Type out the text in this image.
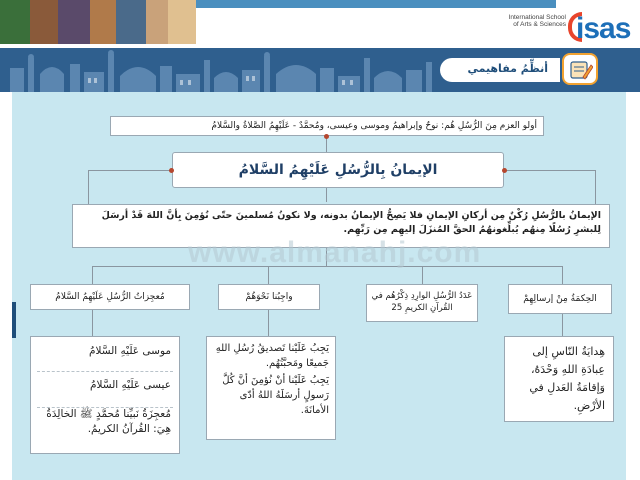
International School of Arts & Sciences isas
أنظِّمُ مفاهيمي
أولو العزم مِنَ الرُّسُلِ هُم: نوحٌ وإبراهيمُ وموسى وعيسى، ومُحمَّدٌ - عَلَيْهِمُ الصَّلاةُ والسَّلامُ
الإيمانُ بِالرُّسُلِ عَلَيْهِمُ السَّلامُ
الإيمانُ بالرُّسُلِ رُكْنٌ مِن أركانِ الإيمانِ فلا يَصِحُّ الإيمانُ بدونه، ولا نكونُ مُسلمينَ حتّى نُؤمِنَ بِأنَّ اللهَ قَدْ أرسَلَ لِلبشرِ رُسُلًا مِنهُم يُبلِّغونهُمُ الحقَّ المُنزَلَ إليهِم مِن رَبِّهِم.
الحِكمَةُ مِنْ إرسالِهِمْ
عَدَدُ الرُّسُلِ الوارِدِ ذِكْرُهُم في القُرآنِ الكريمِ 25
واجِبُنا نَحْوَهُمْ
مُعجِزاتُ الرُّسُلِ عَلَيْهِمُ السَّلامُ
هِدايَةُ النّاسِ إلى عِبادَةِ اللهِ وَحْدَهُ، وَإقامَةُ العَدلِ في الأرْضِ.
يَجِبُ عَلَيْنا تَصديقُ رُسُلِ اللهِ جَميعًا ومَحبَّتُهُم.
يَجِبُ عَلَيْنا أنْ نُؤمِنَ أنَّ كُلَّ رَسولٍ أرسَلَهُ اللهُ أدّى الأمانَةَ.
موسى عَلَيْهِ السَّلامُ
عيسى عَلَيْهِ السَّلامُ
مُعجِزَةُ نَبيِّنا مُحمَّدٍ ﷺ الخالِدَةُ هِيَ: القُرآنُ الكريمُ.
www.almanahj.com
